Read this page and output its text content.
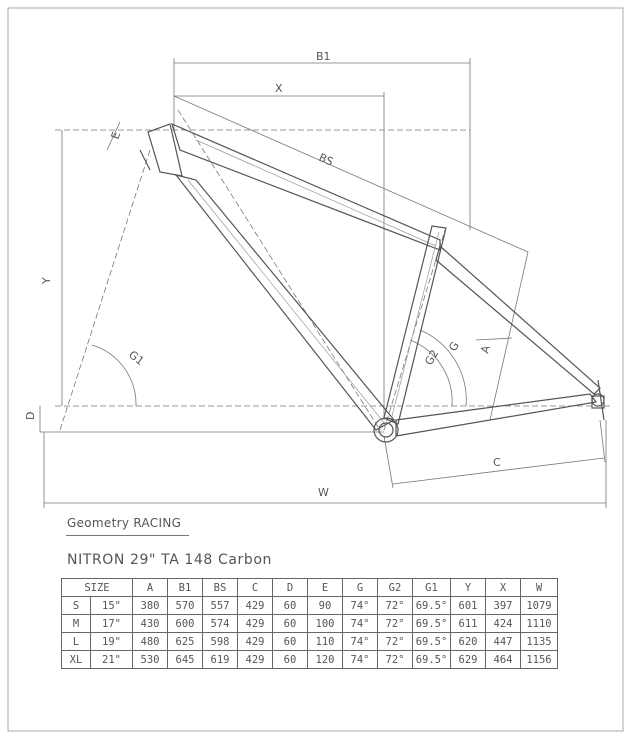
B1
X
BS
E
Y
D
G1	G2
G A
C
W
Geometry RACING
NITRON 29" TA 148 Carbon
SIZE		A	B1	BS	C	D	E	G	G2	G1	Y	X	W
S	15"	380	570	557	429	60	90	74°	72°	69.5°	601	397	1079
M	17"	430	600	574	429	60	100	74°	72°	69.5°	611	424	1110
L	19"	480	625	598	429	60	110	74°	72°	69.5°	620	447	1135
XL	21"	530	645	619	429	60	120	74°	72°	69.5°	629	464	1156
